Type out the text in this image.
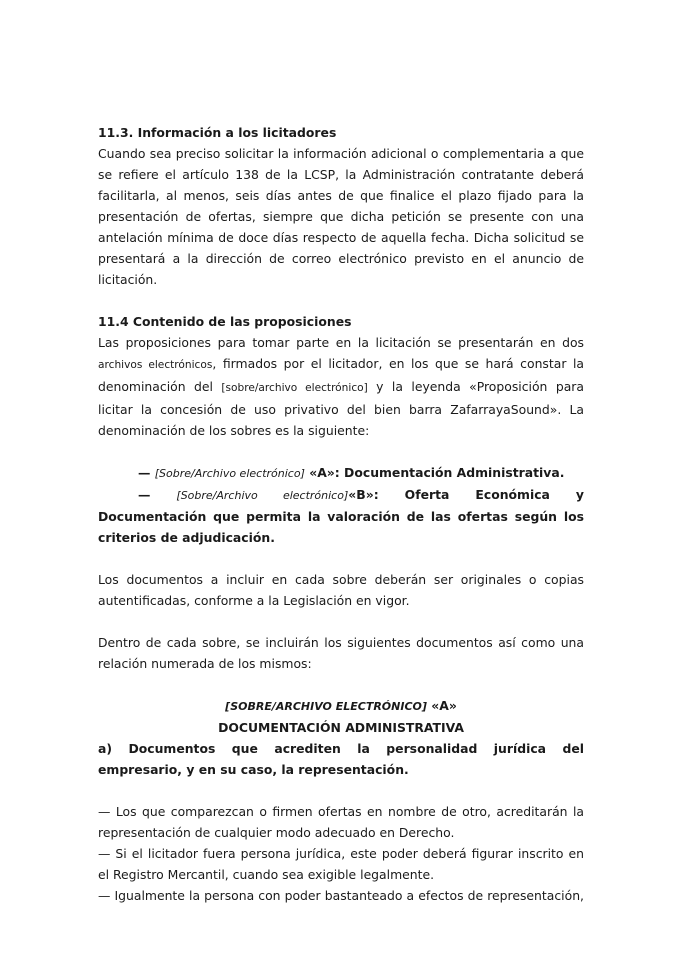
11.3. Información a los licitadores

Cuando sea preciso solicitar la información adicional o complementaria a que se refiere el artículo 138 de la LCSP, la Administración contratante deberá facilitarla, al menos, seis días antes de que finalice el plazo fijado para la presentación de ofertas, siempre que dicha petición se presente con una antelación mínima de doce días respecto de aquella fecha. Dicha solicitud se presentará a la dirección de correo electrónico previsto en el anuncio de licitación.

11.4 Contenido de las proposiciones

Las proposiciones para tomar parte en la licitación se presentarán en dos archivos electrónicos, firmados por el licitador, en los que se hará constar la denominación del [sobre/archivo electrónico] y la leyenda «Proposición para licitar la concesión de uso privativo del bien barra ZafarrayaSound». La denominación de los sobres es la siguiente:

— [Sobre/Archivo electrónico] «A»: Documentación Administrativa.

— [Sobre/Archivo electrónico]«B»: Oferta Económica y Documentación que permita la valoración de las ofertas según los criterios de adjudicación.

Los documentos a incluir en cada sobre deberán ser originales o copias autentificadas, conforme a la Legislación en vigor.

Dentro de cada sobre, se incluirán los siguientes documentos así como una relación numerada de los mismos:

[SOBRE/ARCHIVO ELECTRÓNICO] «A»

DOCUMENTACIÓN ADMINISTRATIVA

a) Documentos que acrediten la personalidad jurídica del empresario, y en su caso, la representación.

— Los que comparezcan o firmen ofertas en nombre de otro, acreditarán la representación de cualquier modo adecuado en Derecho.

— Si el licitador fuera persona jurídica, este poder deberá figurar inscrito en el Registro Mercantil, cuando sea exigible legalmente.

— Igualmente la persona con poder bastanteado a efectos de representación,
